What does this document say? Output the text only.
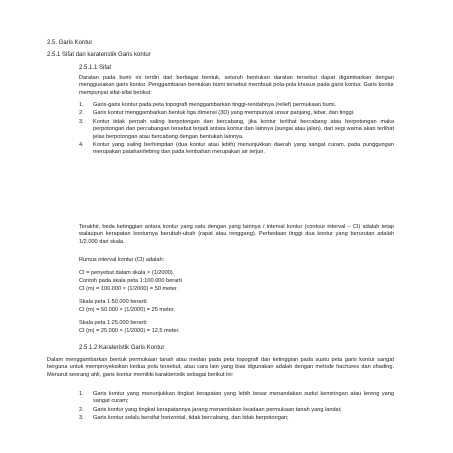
2.5. Garis Kontur
2.5.1 Sifat dan karateristik Garis kontur
2.5.1.1 Sifat
Daratan pada bumi ini terdiri dari berbagai bentuk, seluruh bentukan daratan tersebut dapat digambarkan dengan menggunakan garis kontur. Penggambaran bentukan bumi tersebut membuat pola-pola khusus pada garis kontur. Garis kontur mempunyai sifat-sifat berikut:
1. Garis-garis kontur pada peta topografi menggambarkan tinggi-rendahnya (relief) permukaan bumi.
2. Garis kontur menggambarkan bentuk tiga dimensi (3D) yang mempunyai unsur panjang, lebar, dan tinggi.
3. Kontur tidak pernah saling berpotongan dan bercabang, jika kontur terlihat bercabang atau berpotongan maka perpotongan dan percabangan tersebut terjadi antara kontur dan lainnya (sungai atau jalan), dari segi warna akan terlihat jelas berpotongan atau bercabang dengan bentukan lainnya.
4. Kontur yang saling berhimpitan (dua kontur atau lebih) menunjukkan daerah yang sangat curam, pada punggungan merupakan patahan/tebing dan pada lembahan merupakan air terjun.
Terakhir, beda ketinggian antara kontur yang satu dengan yang lainnya / interval kontur (contour interval – CI) adalah tetap walaupun kerapatan konturnya berubah-ubah (rapat atau renggang). Perbedaan tinggi dua kontur yang berurutan adalah 1/2.000 dari skala.
Rumus interval kontur (CI) adalah:
CI = penyebut dalam skala × (1/2000).
Contoh pada skala peta 1:100.000 berarti
CI (m) = 100.000 × (1/2000) = 50 meter.
Skala peta 1:50.000 berarti:
CI (m) = 50.000 × (1/2000) = 25 meter.
Skala peta 1:25.000 berarti:
CI (m) = 25.000 × (1/2000) = 12,5 meter.
2.5.1.2 Karateristik Garis Kontur
Dalam menggambarkan bentuk permukaan tanah atau medan pada peta topografi dan ketinggian pada suatu peta garis kontur sangat berguna untuk memproyeksikan kedua pola tersebut, atau cara lain yang bias digunakan adalah dengan metode hachures dan shading. Menurut seorang ahli, garis kontur memiliki karakteristik sebagai berikut ini:
1. Garis kontur yang menunjukkan tingkat kerapatan yang lebih besar menandakan sudut kemiringan atau lereng yang sangat curam;
2. Garis kontur yang tingkat kerapatannya jarang menandakan keadaan permukaan tanah yang landai;
3. Garis kontur selalu bersifat horizontal, tidak bercabang, dan tidak berpotongan;
